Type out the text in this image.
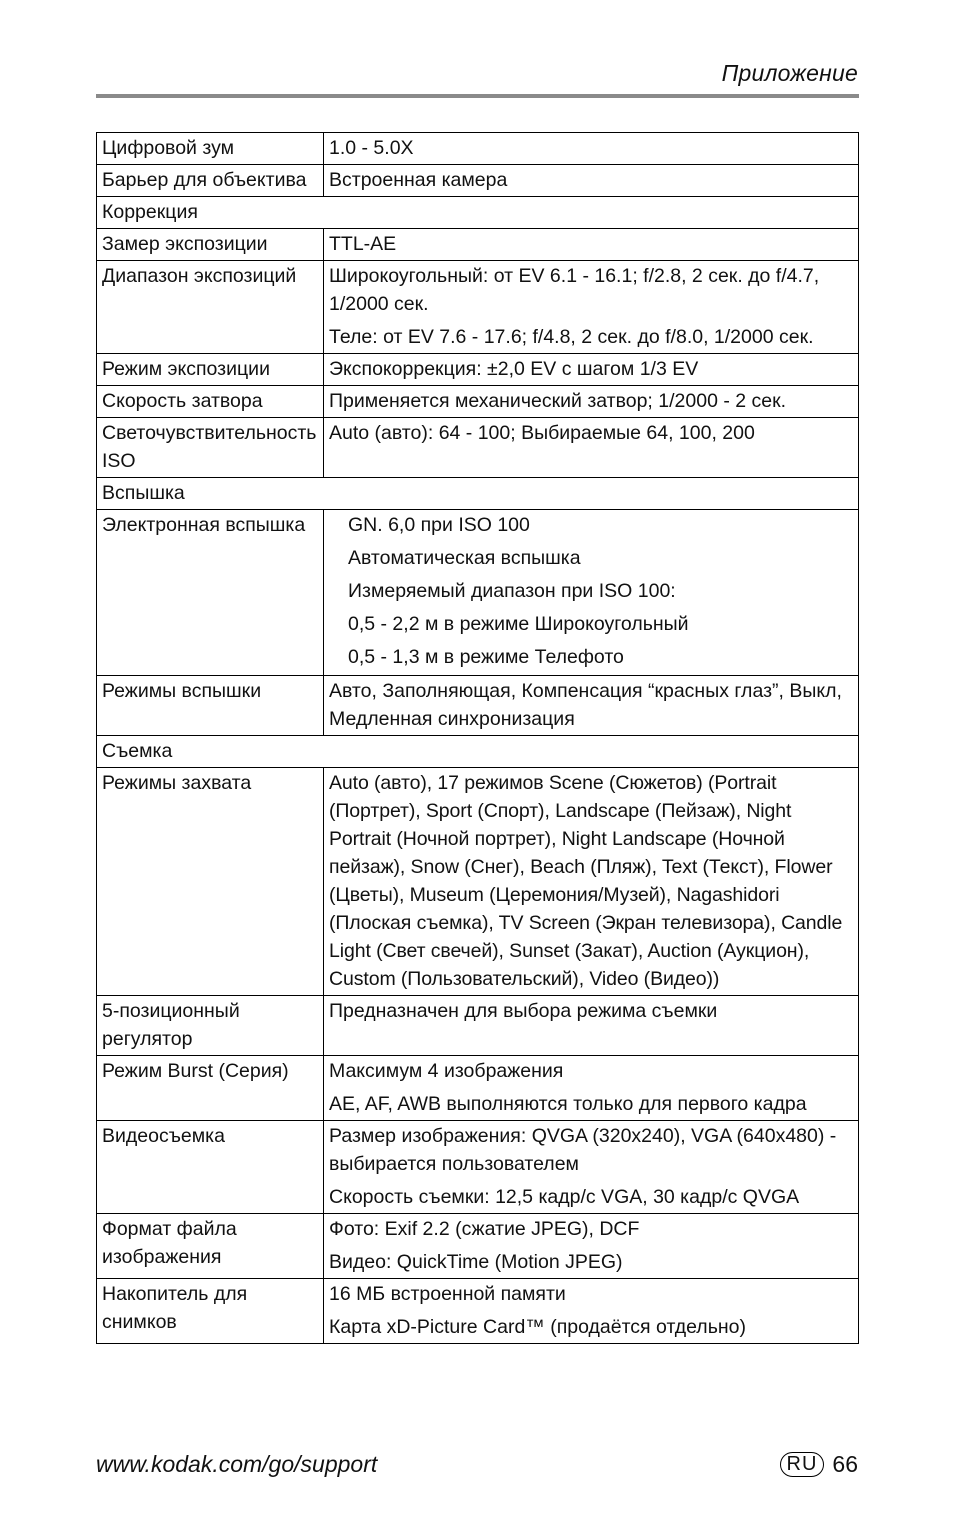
Приложение
Цифровой зум	1.0 - 5.0X

Барьер для объектива	Встроенная камера

Коррекция	
Замер экспозиции	TTL-AE

Диапазон экспозиций	Широкоугольный: от EV 6.1 - 16.1; f/2.8, 2 сек. до f/4.7, 1/2000 сек.
Теле: от EV 7.6 - 17.6; f/4.8, 2 сек. до f/8.0, 1/2000 сек.

Режим экспозиции	Экспокоррекция: ±2,0 EV с шагом 1/3 EV

Скорость затвора	Применяется механический затвор; 1/2000 - 2 сек.

Светочувствительность ISO	Auto (авто): 64 - 100; Выбираемые 64, 100, 200

Вспышка	
Электронная вспышка	GN. 6,0 при ISO 100
Автоматическая вспышка
Измеряемый диапазон при ISO 100:
0,5 - 2,2 м в режиме Широкоугольный
0,5 - 1,3 м в режиме Телефото

Режимы вспышки	Авто, Заполняющая, Компенсация “красных глаз”, Выкл, Медленная синхронизация

Съемка	
Режимы захвата	Auto (авто), 17 режимов Scene (Сюжетов) (Portrait (Портрет), Sport (Спорт), Landscape (Пейзаж), Night Portrait (Ночной портрет), Night Landscape (Ночной пейзаж), Snow (Снег), Beach (Пляж), Text (Текст), Flower (Цветы), Museum (Церемония/Музей), Nagashidori (Плоская съемка), TV Screen (Экран телевизора), Candle Light (Свет свечей), Sunset (Закат), Auction (Аукцион), Custom (Пользовательский), Video (Видео))

5-позиционный регулятор	Предназначен для выбора режима съемки

Режим Burst (Серия)	Максимум 4 изображения
AE, AF, AWB выполняются только для первого кадра

Видеосъемка	Размер изображения: QVGA (320x240), VGA (640x480) - выбирается пользователем
Скорость съемки: 12,5 кадр/с VGA, 30 кадр/с QVGA

Формат файла изображения	Фото: Exif 2.2 (сжатие JPEG), DCF
Видео: QuickTime (Motion JPEG)

Накопитель для снимков	16 МБ встроенной памяти
Карта xD-Picture Card™ (продаётся отдельно)
www.kodak.com/go/support	RU 66
